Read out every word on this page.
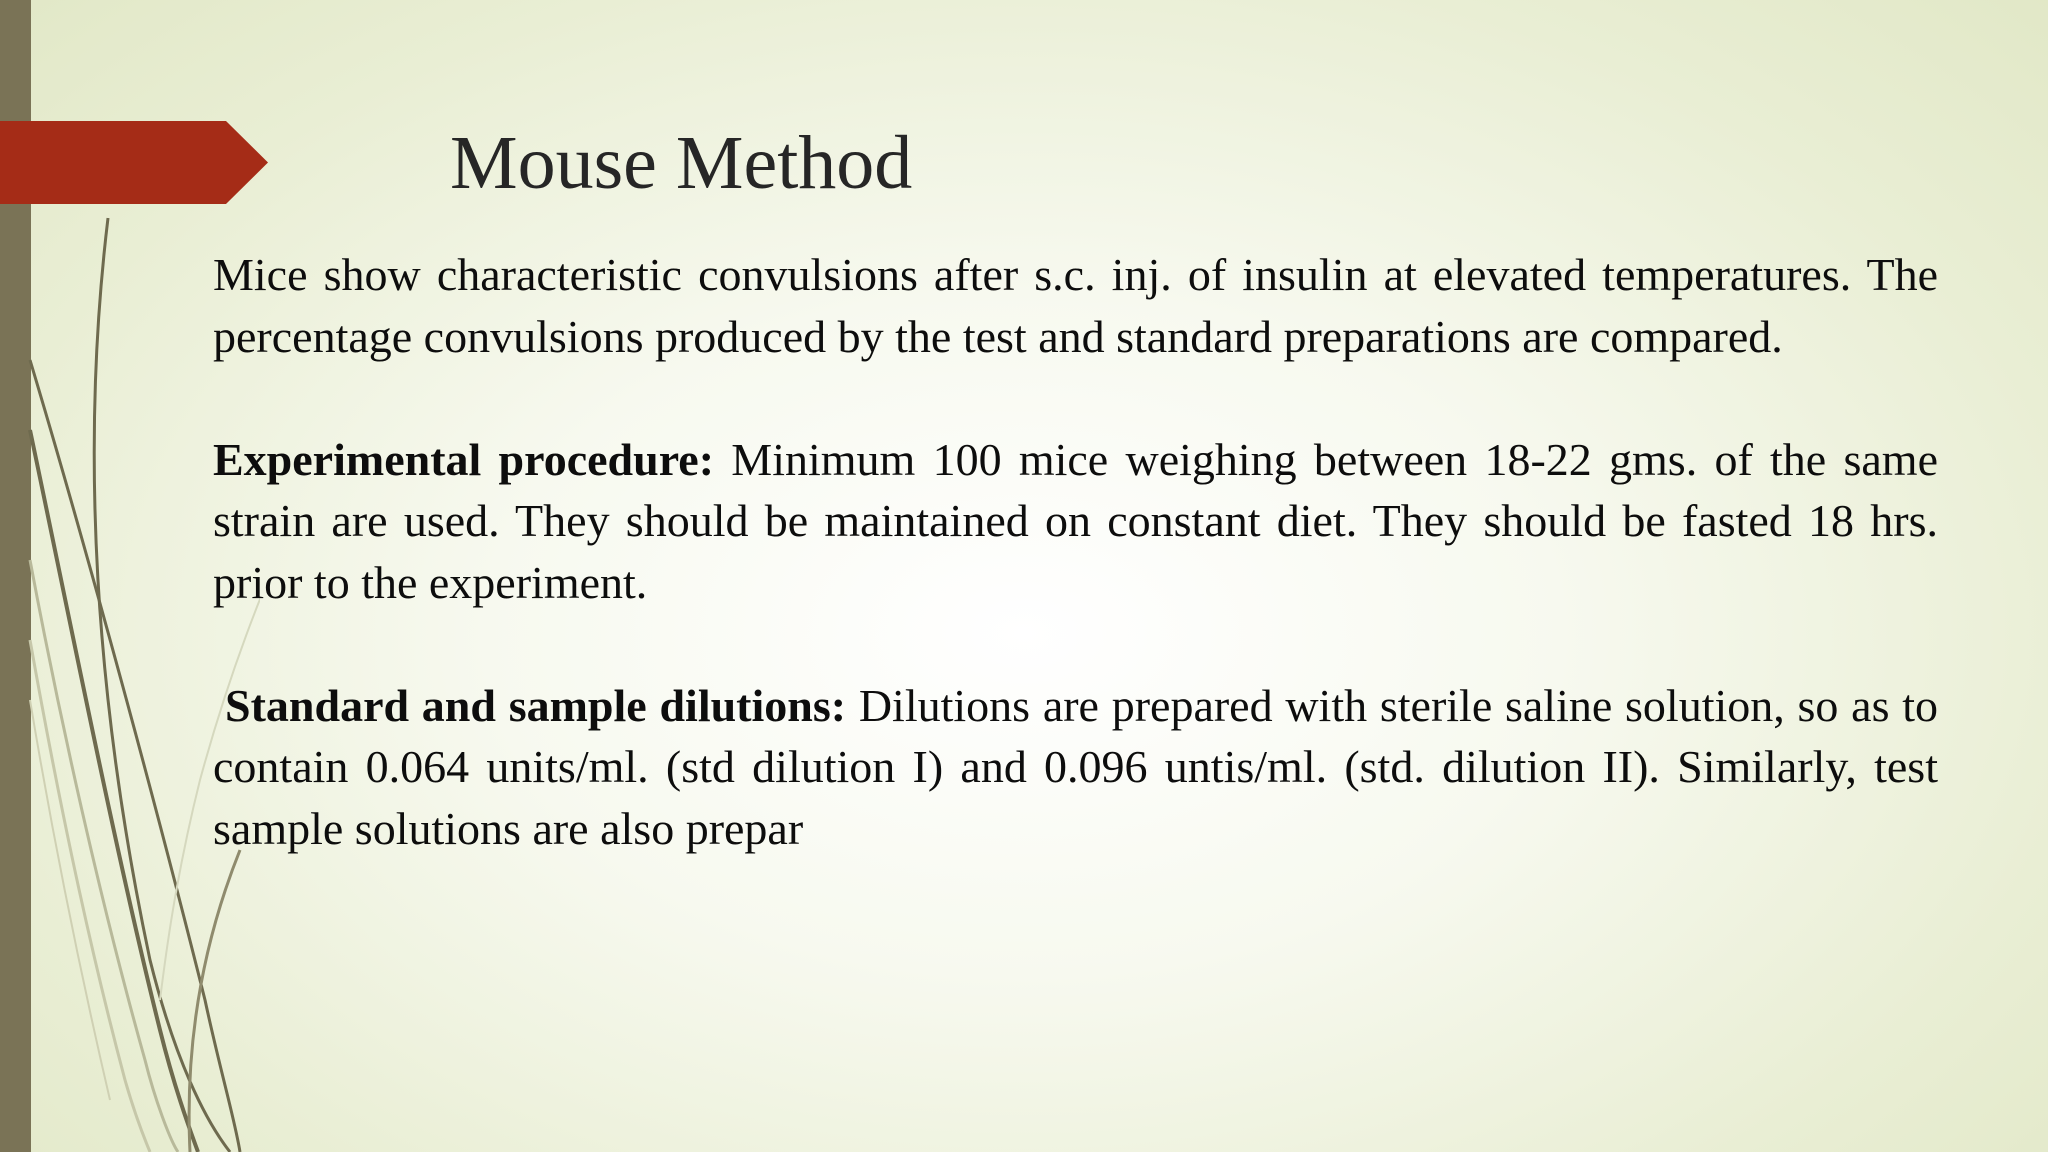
Mouse Method

Mice show characteristic convulsions after s.c. inj. of insulin at elevated temperatures. The percentage convulsions produced by the test and standard preparations are compared.

Experimental procedure: Minimum 100 mice weighing between 18-22 gms. of the same strain are used. They should be maintained on constant diet. They should be fasted 18 hrs. prior to the experiment.

Standard and sample dilutions: Dilutions are prepared with sterile saline solution, so as to contain 0.064 units/ml. (std dilution I) and 0.096 untis/ml. (std. dilution II). Similarly, test sample solutions are also prepar
